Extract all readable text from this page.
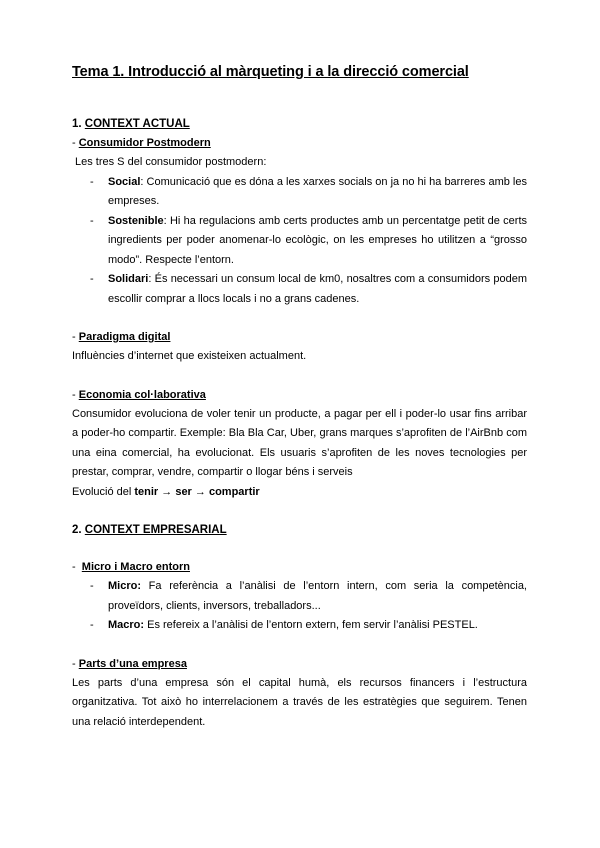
Tema 1. Introducció al màrqueting i a la direcció comercial
1. CONTEXT ACTUAL
- Consumidor Postmodern

Les tres S del consumidor postmodern:

- Social: Comunicació que es dóna a les xarxes socials on ja no hi ha barreres amb les empreses.
- Sostenible: Hi ha regulacions amb certs productes amb un percentatge petit de certs ingredients per poder anomenar-lo ecològic, on les empreses ho utilitzen a “grosso modo”. Respecte l’entorn.
- Solidari: És necessari un consum local de km0, nosaltres com a consumidors podem escollir comprar a llocs locals i no a grans cadenes.
- Paradigma digital

Influències d’internet que existeixen actualment.

- Economia col·laborativa

Consumidor evoluciona de voler tenir un producte, a pagar per ell i poder-lo usar fins arribar a poder-ho compartir. Exemple: Bla Bla Car, Uber, grans marques s’aprofiten de l’AirBnb com una eina comercial, ha evolucionat. Els usuaris s’aprofiten de les noves tecnologies per prestar, comprar, vendre, compartir o llogar béns i serveis

Evolució del tenir → ser → compartir

2. CONTEXT EMPRESARIAL
- Micro i Macro entorn
- Micro: Fa referència a l’anàlisi de l’entorn intern, com seria la competència, proveïdors, clients, inversors, treballadors...
- Macro: Es refereix a l’anàlisi de l’entorn extern, fem servir l’anàlisi PESTEL.
- Parts d’una empresa

Les parts d’una empresa són el capital humà, els recursos financers i l’estructura organitzativa. Tot això ho interrelacionem a través de les estratègies que seguirem. Tenen una relació interdependent.
